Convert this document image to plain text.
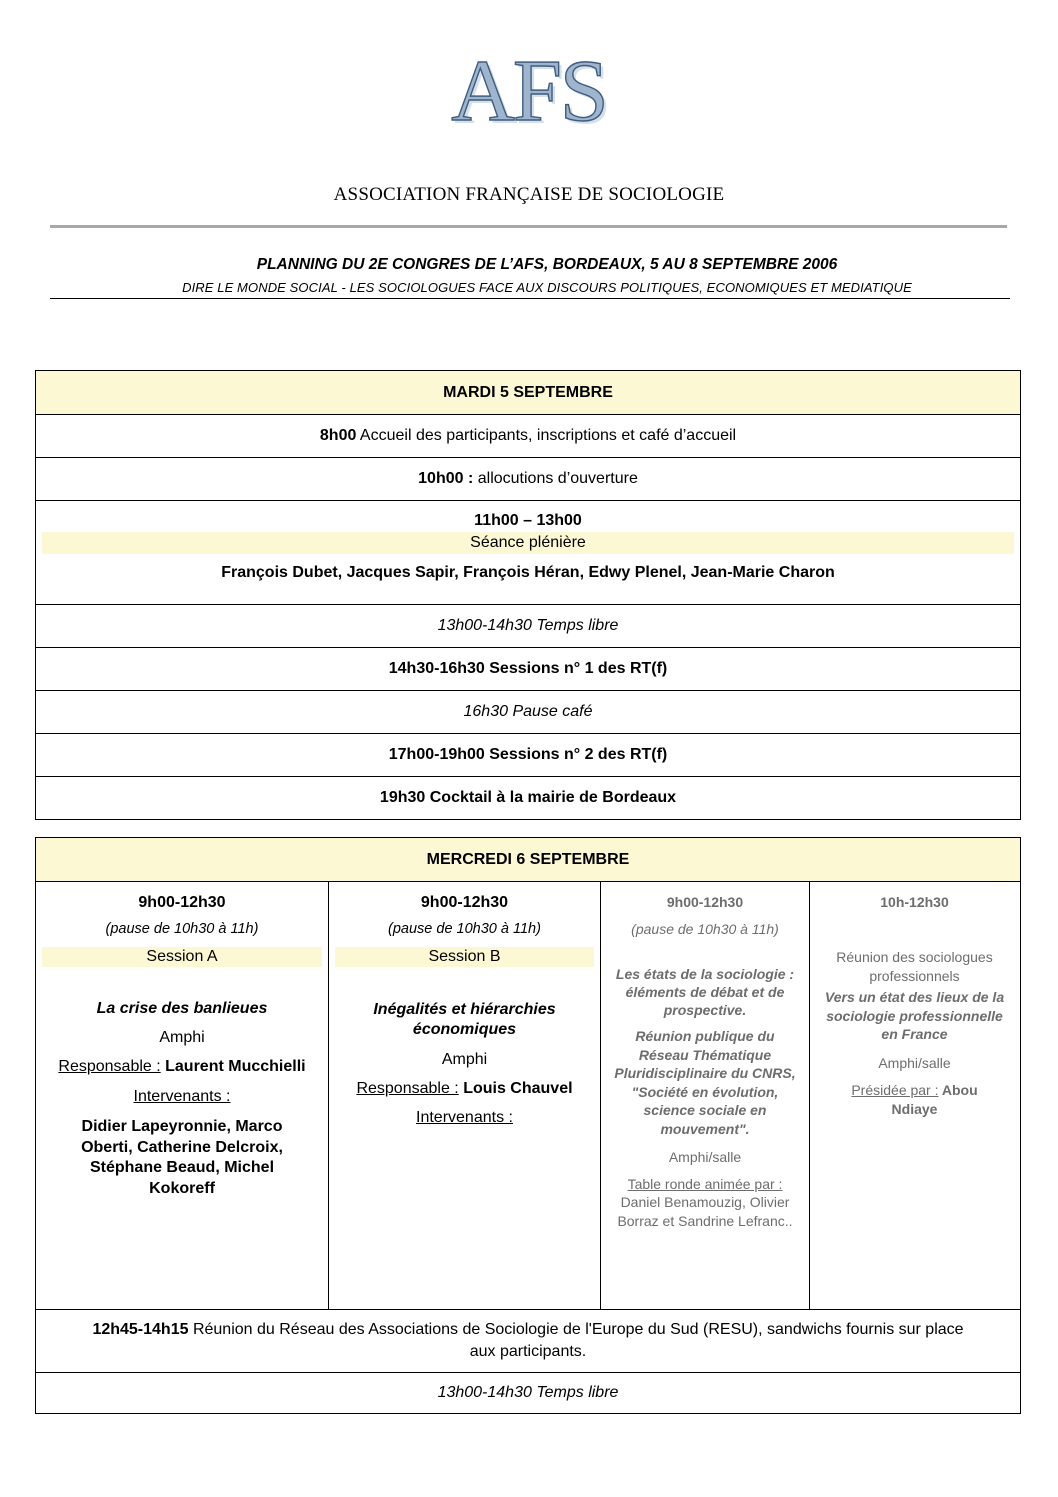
AFS
ASSOCIATION FRANÇAISE DE SOCIOLOGIE
PLANNING DU 2E CONGRES DE L’AFS, BORDEAUX, 5 AU 8 SEPTEMBRE 2006
DIRE LE MONDE SOCIAL - LES SOCIOLOGUES FACE AUX DISCOURS POLITIQUES, ECONOMIQUES ET MEDIATIQUE
MARDI 5 SEPTEMBRE
8h00 Accueil des participants, inscriptions et café d’accueil
10h00 : allocutions d’ouverture
11h00 – 13h00
Séance plénière
François Dubet, Jacques Sapir, François Héran, Edwy Plenel, Jean-Marie Charon
13h00-14h30 Temps libre
14h30-16h30 Sessions n° 1 des RT(f)
16h30 Pause café
17h00-19h00 Sessions n° 2 des RT(f)
19h30 Cocktail à la mairie de Bordeaux
MERCREDI 6 SEPTEMBRE

9h00-12h30

(pause de 10h30 à 11h)

Session A

La crise des banlieues

Amphi

Responsable : Laurent Mucchielli

Intervenants :

Didier Lapeyronnie, Marco Oberti, Catherine Delcroix, Stéphane Beaud, Michel Kokoreff

9h00-12h30

(pause de 10h30 à 11h)

Session B

Inégalités et hiérarchies économiques

Amphi

Responsable : Louis Chauvel

Intervenants :

9h00-12h30

(pause de 10h30 à 11h)

Les états de la sociologie : éléments de débat et de prospective.

Réunion publique du Réseau Thématique Pluridisciplinaire du CNRS, "Société en évolution, science sociale en mouvement".

Amphi/salle

Table ronde animée par :

Daniel Benamouzig, Olivier Borraz et Sandrine Lefranc..

10h-12h30

Réunion des sociologues professionnels

Vers un état des lieux de la sociologie professionnelle en France

Amphi/salle

Présidée par : Abou Ndiaye

12h45-14h15 Réunion du Réseau des Associations de Sociologie de l'Europe du Sud (RESU), sandwichs fournis sur place aux participants.
13h00-14h30 Temps libre
